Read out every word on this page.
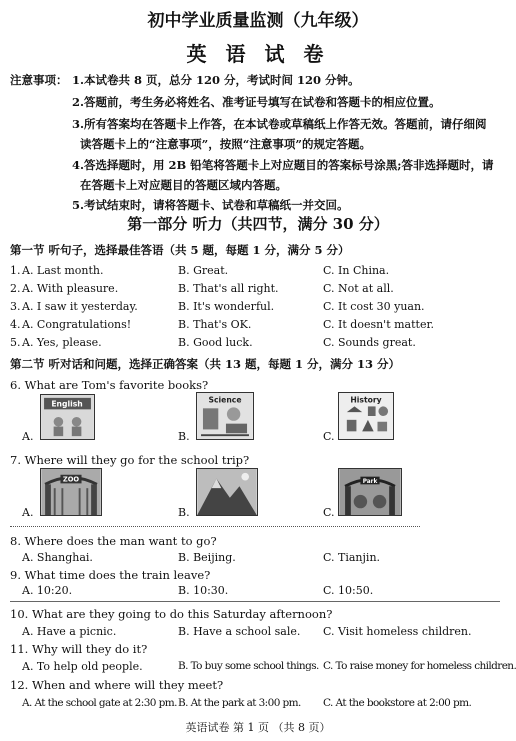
初中学业质量监测（九年级）
英 语 试 卷
注意事项： 1.本试卷共 8 页，总分 120 分，考试时间 120 分钟。
2.答题前，考生务必将姓名、准考证号填写在试卷和答题卡的相应位置。
3.所有答案均在答题卡上作答，在本试卷或草稿纸上作答无效。答题前，请仔细阅
读答题卡上的“注意事项”，按照“注意事项”的规定答题。
4.答选择题时，用 2B 铅笔将答题卡上对应题目的答案标号涂黑;答非选择题时，请
在答题卡上对应题目的答题区域内答题。
5.考试结束时，请将答题卡、试卷和草稿纸一并交回。
第一部分 听力（共四节，满分 30 分）
第一节 听句子，选择最佳答语（共 5 题，每题 1 分，满分 5 分）
1. A. Last month.	B. Great.	C. In China.
2. A. With pleasure.	B. That's all right.	C. Not at all.
3. A. I saw it yesterday.	B. It's wonderful.	C. It cost 30 yuan.
4. A. Congratulations!	B. That's OK.	C. It doesn't matter.
5. A. Yes, please.	B. Good luck.	C. Sounds great.
第二节 听对话和问题，选择正确答案（共 13 题，每题 1 分，满分 13 分）
6. What are Tom's favorite books?
English
A.
Science
B.
History
C.
7. Where will they go for the school trip?
ZOO
A.	B.
Park
C.
8. Where does the man want to go?
A. Shanghai.	B. Beijing.	C. Tianjin.
9. What time does the train leave?
A. 10:20.	B. 10:30.	C. 10:50.
10. What are they going to do this Saturday afternoon?
A. Have a picnic.	B. Have a school sale. C. Visit homeless children.
11. Why will they do it?
A. To help old people.	B. To buy some school things. C. To raise money for homeless children.
12. When and where will they meet?
A. At the school gate at 2:30 pm. B. At the park at 3:00 pm. C. At the bookstore at 2:00 pm.
英语试卷 第 1 页 （共 8 页）
